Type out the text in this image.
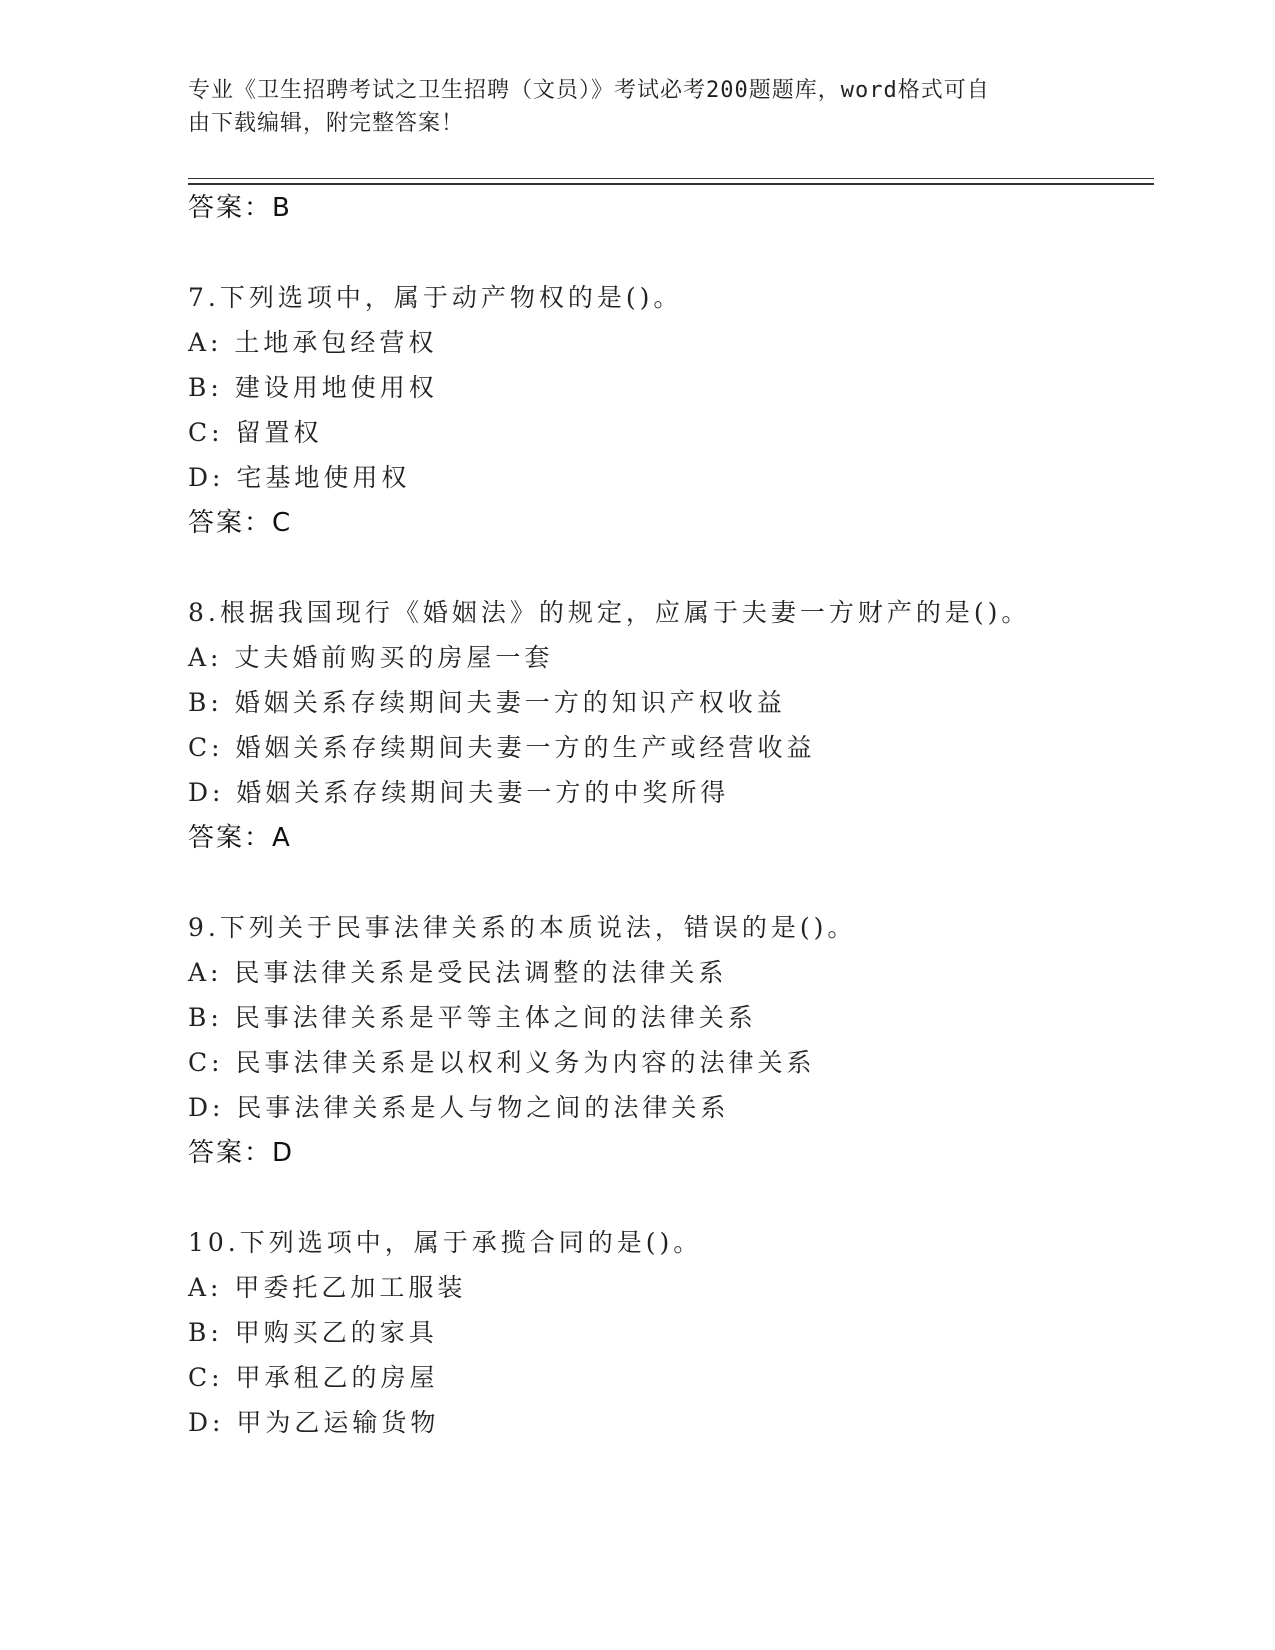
专业《卫生招聘考试之卫生招聘（文员）》考试必考200题题库，word格式可自
由下载编辑，附完整答案！
答案：B
7.下列选项中，属于动产物权的是()。
A: 土地承包经营权
B: 建设用地使用权
C: 留置权
D: 宅基地使用权
答案：C
8.根据我国现行《婚姻法》的规定，应属于夫妻一方财产的是()。
A: 丈夫婚前购买的房屋一套
B: 婚姻关系存续期间夫妻一方的知识产权收益
C: 婚姻关系存续期间夫妻一方的生产或经营收益
D: 婚姻关系存续期间夫妻一方的中奖所得
答案：A
9.下列关于民事法律关系的本质说法，错误的是()。
A: 民事法律关系是受民法调整的法律关系
B: 民事法律关系是平等主体之间的法律关系
C: 民事法律关系是以权利义务为内容的法律关系
D: 民事法律关系是人与物之间的法律关系
答案：D
10.下列选项中，属于承揽合同的是()。
A: 甲委托乙加工服装
B: 甲购买乙的家具
C: 甲承租乙的房屋
D: 甲为乙运输货物
